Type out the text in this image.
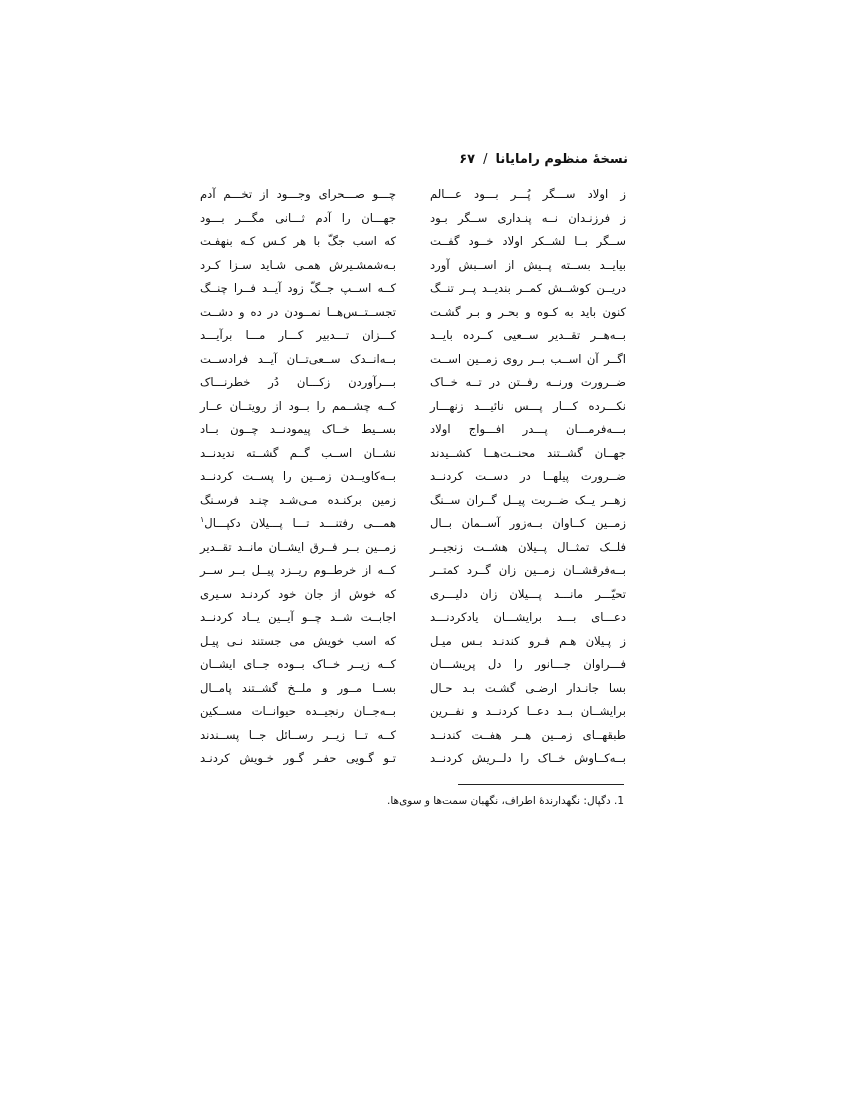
نسخهٔ منظوم رامایانا
/
۶۷
ز اولاد ســـگر پُـــر بـــود عـــالم
ز فرزنـدان نــه پنـداری ســگر بـود
ســگر بــا لشــکر اولاد خــود گفــت
بیایــد بســته پــیش از اســبش آورد
دریــن کوشــش کمــر بندیــد پــر تنــگ
کنون باید به کـوه و بحـر و بـر گشـت
بــه‌هــر تقــدیر ســعیی کــرده بایــد
اگــر آن اســب بــر روی زمــین اســت
ضــرورت ورنــه رفــتن در تــه خــاک
نکـــرده کـــار پـــس نائیـــد زنهـــار
بـــه‌فرمـــان پـــدر افـــواج اولاد
جهــان گشــتند محنــت‌هــا کشــیدند
ضــرورت پیلهــا در دســت کردنــد
زهــر یــک ضــربت پیــل گــران ســنگ
زمــین کــاوان بــه‌زور آســمان بــال
فلــک تمثــال پــیلان هشــت زنجیــر
بــه‌فرقشــان زمــین زان گــرد کمتــر
تحیّـــر مانـــد پـــیلان زان دلیـــری
دعـــای بـــد برایشـــان یادکردنـــد
ز پـیلان هـم فـرو کندنـد بـس میـل
فـــراوان جـــانور را دل پریشـــان
بسا جانـدار ارضـی گشـت بـد حـال
برایشــان بــد دعــا کردنــد و نفــرین
طبقهــای زمــین هــر هفــت کندنــد
بــه‌کــاوش خــاک را دلــریش کردنــد
چـــو صـــحرای وجـــود از تخـــم آدم
جهـــان را آدم ثـــانی مگـــر بـــود
که اسب جگّ با هر کـس کـه بنهفـت
بـه‌شمشـیرش همـی شـاید سـزا کـرد
کــه اســپ جــگّ زود آیــد فــرا چنــگ
تجســتــس‌هــا نمــودن در ده و دشــت
کـــزان تـــدبیر کـــار مـــا برآیـــد
بــه‌انــدک ســعی‌تــان آیــد فرادســت
بـــرآوردن زکـــان دُر خطرنـــاک
کــه چشــمم را بــود از رویتــان عــار
بســیط خــاک پیمودنــد چــون بــاد
نشــان اســب گــم گشــته ندیدنــد
بــه‌کاویــدن زمــین را پســت کردنــد
زمین برکنـده مـی‌شـد چنـد فرسـنگ
همـــی رفتنـــد تـــا پـــیلان دکپـــال$^۱$
زمــین بــر فــرق ایشــان مانــد تقــدیر
کــه از خرطــوم ریــزد پیــل بــر ســر
که خوش از جان خود کردنـد سـیری
اجابــت شــد چــو آیــین یــاد کردنــد
که اسب خویش می جستند نـی پیـل
کــه زیــر خــاک بــوده جــای ایشــان
بســا مــور و ملــخ گشــتند پامــال
بــه‌جــان رنجیــده حیوانــات مســکین
کــه تــا زیــر رســائل جــا پســندند
تـو گـویی حفـر گـور خـویش کردنـد
1. دگپال: نگهدارندهٔ اطراف، نگهبان سمت‌ها و سوی‌ها.
